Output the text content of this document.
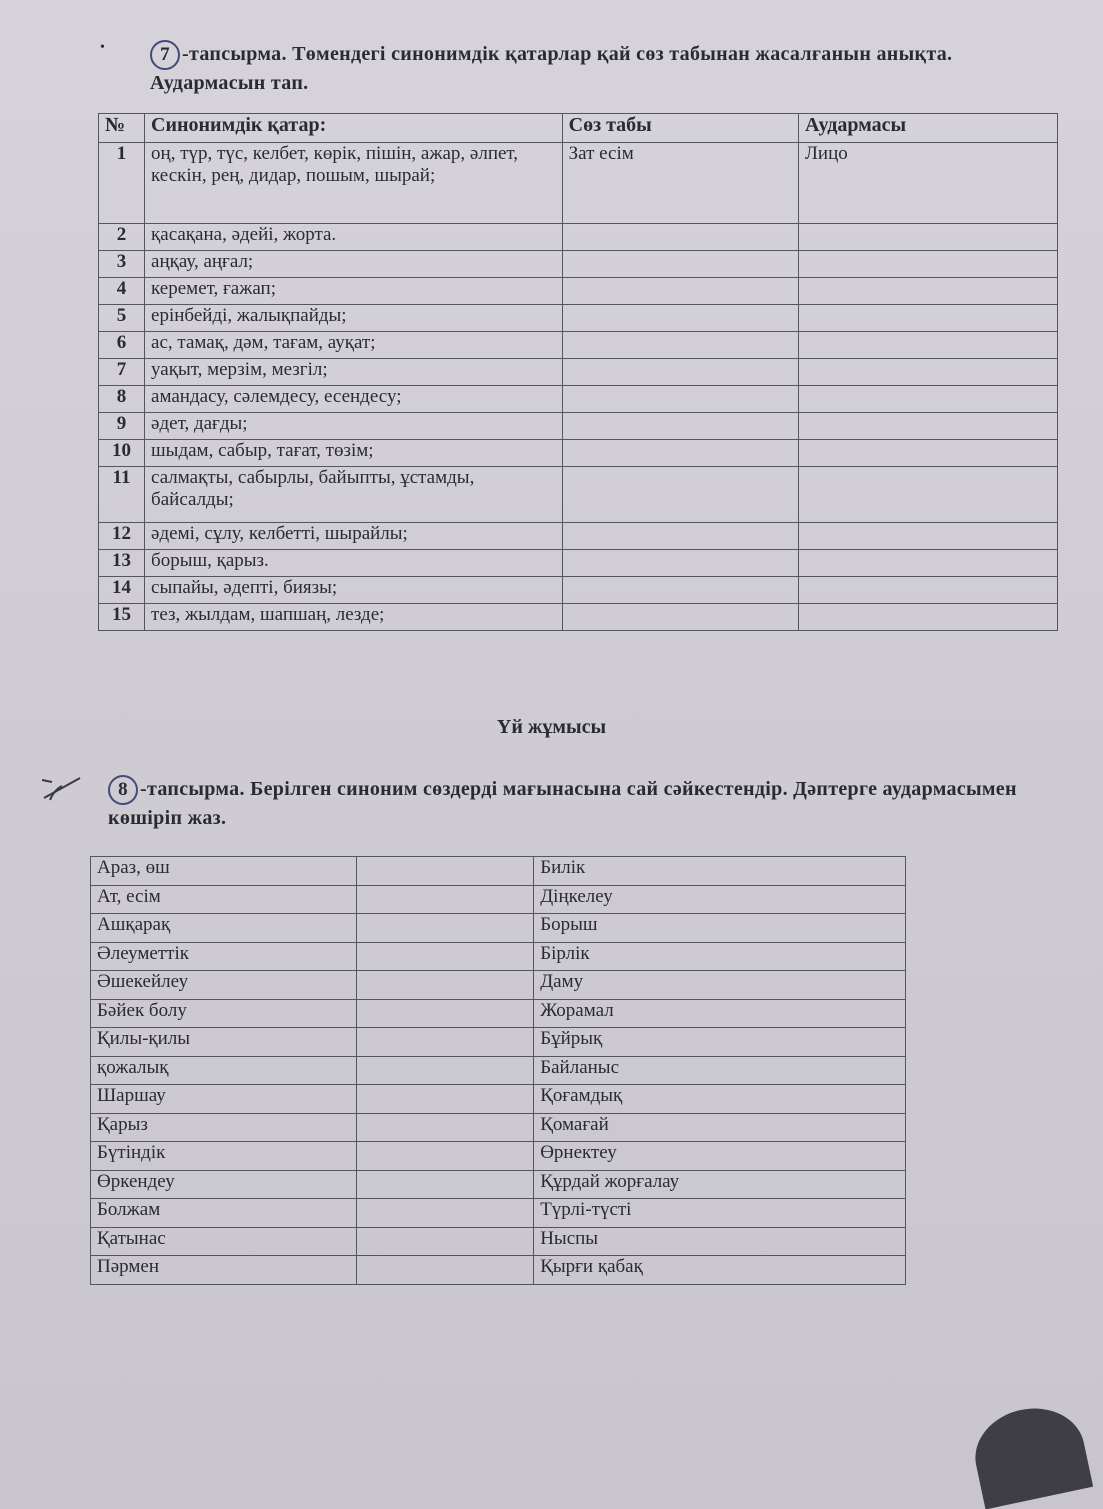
•	7 -тапсырма. Төмендегі синонимдік қатарлар қай сөз табынан жасалғанын анықта. Аудармасын тап.
№	Синонимдік қатар:	Сөз табы	Аудармасы
1	оң, түр, түс, келбет, көрік, пішін, ажар, әлпет, кескін, рең, дидар, пошым, шырай;	Зат есім	Лицо
2	қасақана, әдейі, жорта.		
3	аңқау, аңғал;		
4	керемет, ғажап;		
5	ерінбейді, жалықпайды;		
6	ас, тамақ, дәм, тағам, ауқат;		
7	уақыт, мерзім, мезгіл;		
8	амандасу, сәлемдесу, есендесу;		
9	әдет, дағды;		
10	шыдам, сабыр, тағат, төзім;		
11	салмақты, сабырлы, байыпты, ұстамды, байсалды;		
12	әдемі, сұлу, келбетті, шырайлы;		
13	борыш, қарыз.		
14	сыпайы, әдепті, биязы;		
15	тез, жылдам, шапшаң, лезде;		
Үй жұмысы
8 -тапсырма. Берілген синоним сөздерді мағынасына сай сәйкестендір. Дәптерге аудармасымен көшіріп жаз.
Араз, өш		Билік
Ат, есім		Діңкелеу
Ашқарақ		Борыш
Әлеуметтік		Бірлік
Әшекейлеу		Даму
Бәйек болу		Жорамал
Қилы-қилы		Бұйрық
қожалық		Байланыс
Шаршау		Қоғамдық
Қарыз		Қомағай
Бүтіндік		Өрнектеу
Өркендеу		Құрдай жорғалау
Болжам		Түрлі-түсті
Қатынас		Ныспы
Пәрмен		Қырғи қабақ
